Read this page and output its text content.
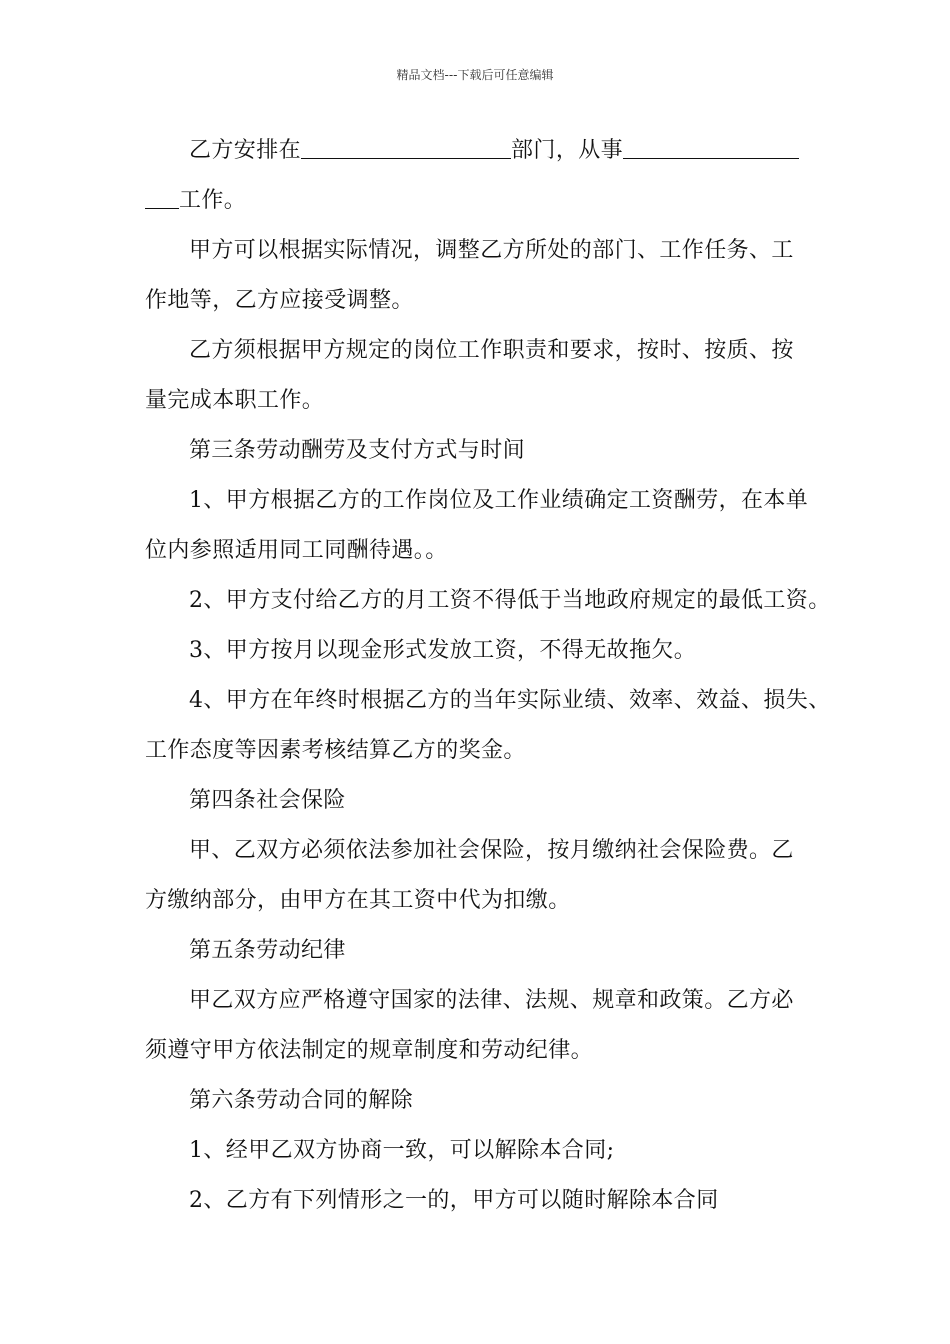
精品文档---下载后可任意编辑
乙方安排在	部门，从事
工作。
甲方可以根据实际情况，调整乙方所处的部门、工作任务、工
作地等，乙方应接受调整。
乙方须根据甲方规定的岗位工作职责和要求，按时、按质、按
量完成本职工作。
第三条劳动酬劳及支付方式与时间
1、甲方根据乙方的工作岗位及工作业绩确定工资酬劳，在本单
位内参照适用同工同酬待遇。。
2、甲方支付给乙方的月工资不得低于当地政府规定的最低工资。
3、甲方按月以现金形式发放工资，不得无故拖欠。
4、甲方在年终时根据乙方的当年实际业绩、效率、效益、损失、
工作态度等因素考核结算乙方的奖金。
第四条社会保险
甲、乙双方必须依法参加社会保险，按月缴纳社会保险费。乙
方缴纳部分，由甲方在其工资中代为扣缴。
第五条劳动纪律
甲乙双方应严格遵守国家的法律、法规、规章和政策。乙方必
须遵守甲方依法制定的规章制度和劳动纪律。
第六条劳动合同的解除
1、经甲乙双方协商一致，可以解除本合同;
2、乙方有下列情形之一的，甲方可以随时解除本合同
